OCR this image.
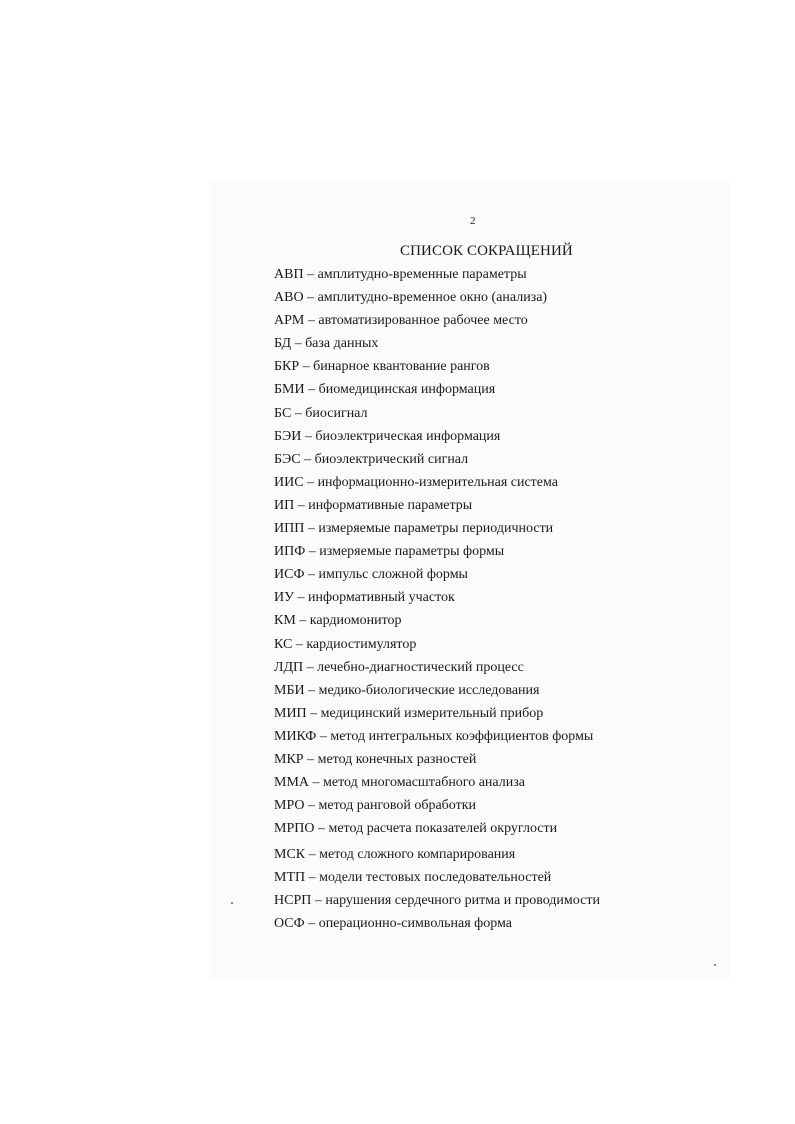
2
СПИСОК СОКРАЩЕНИЙ
АВП – амплитудно-временные параметры
АВО – амплитудно-временное окно (анализа)
АРМ – автоматизированное рабочее место
БД – база данных
БКР – бинарное квантование рангов
БМИ – биомедицинская информация
БС – биосигнал
БЭИ – биоэлектрическая информация
БЭС – биоэлектрический сигнал
ИИС – информационно-измерительная система
ИП – информативные параметры
ИПП – измеряемые параметры периодичности
ИПФ – измеряемые параметры формы
ИСФ – импульс сложной формы
ИУ – информативный участок
КМ – кардиомонитор
КС – кардиостимулятор
ЛДП – лечебно-диагностический процесс
МБИ – медико-биологические исследования
МИП – медицинский измерительный прибор
МИКФ – метод интегральных коэффициентов формы
МКР – метод конечных разностей
ММА – метод многомасштабного анализа
МРО – метод ранговой обработки
МРПО – метод расчета показателей округлости
МСК – метод сложного компарирования
МТП – модели тестовых последовательностей
НСРП – нарушения сердечного ритма и проводимости
ОСФ – операционно-символьная форма
